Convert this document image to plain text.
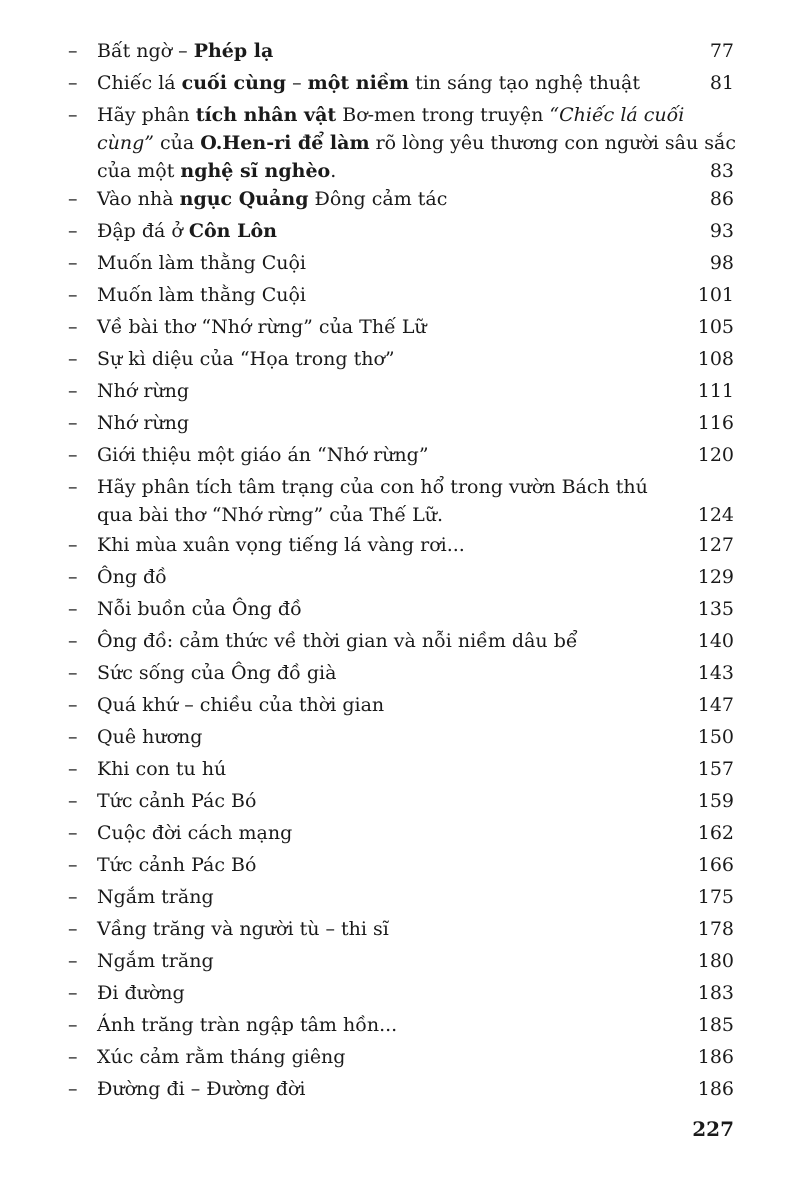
– Bất ngờ – Phép lạ	77
– Chiếc lá cuối cùng – một niềm tin sáng tạo nghệ thuật	81
– Hãy phân tích nhân vật Bơ-men trong truyện “Chiếc lá cuối
cùng” của O.Hen-ri để làm rõ lòng yêu thương con người sâu sắc
của một nghệ sĩ nghèo.	83
– Vào nhà ngục Quảng Đông cảm tác	86
– Đập đá ở Côn Lôn	93
– Muốn làm thằng Cuội	98
– Muốn làm thằng Cuội	101
– Về bài thơ “Nhớ rừng” của Thế Lữ	105
– Sự kì diệu của “Họa trong thơ”	108
– Nhớ rừng	111
– Nhớ rừng	116
– Giới thiệu một giáo án “Nhớ rừng”	120
– Hãy phân tích tâm trạng của con hổ trong vườn Bách thú
qua bài thơ “Nhớ rừng” của Thế Lữ.	124
– Khi mùa xuân vọng tiếng lá vàng rơi...	127
– Ông đồ	129
– Nỗi buồn của Ông đồ	135
– Ông đồ: cảm thức về thời gian và nỗi niềm dâu bể	140
– Sức sống của Ông đồ già	143
– Quá khứ – chiều của thời gian	147
– Quê hương	150
– Khi con tu hú	157
– Tức cảnh Pác Bó	159
– Cuộc đời cách mạng	162
– Tức cảnh Pác Bó	166
– Ngắm trăng	175
– Vầng trăng và người tù – thi sĩ	178
– Ngắm trăng	180
– Đi đường	183
– Ánh trăng tràn ngập tâm hồn...	185
– Xúc cảm rằm tháng giêng	186
– Đường đi – Đường đời	186
227
